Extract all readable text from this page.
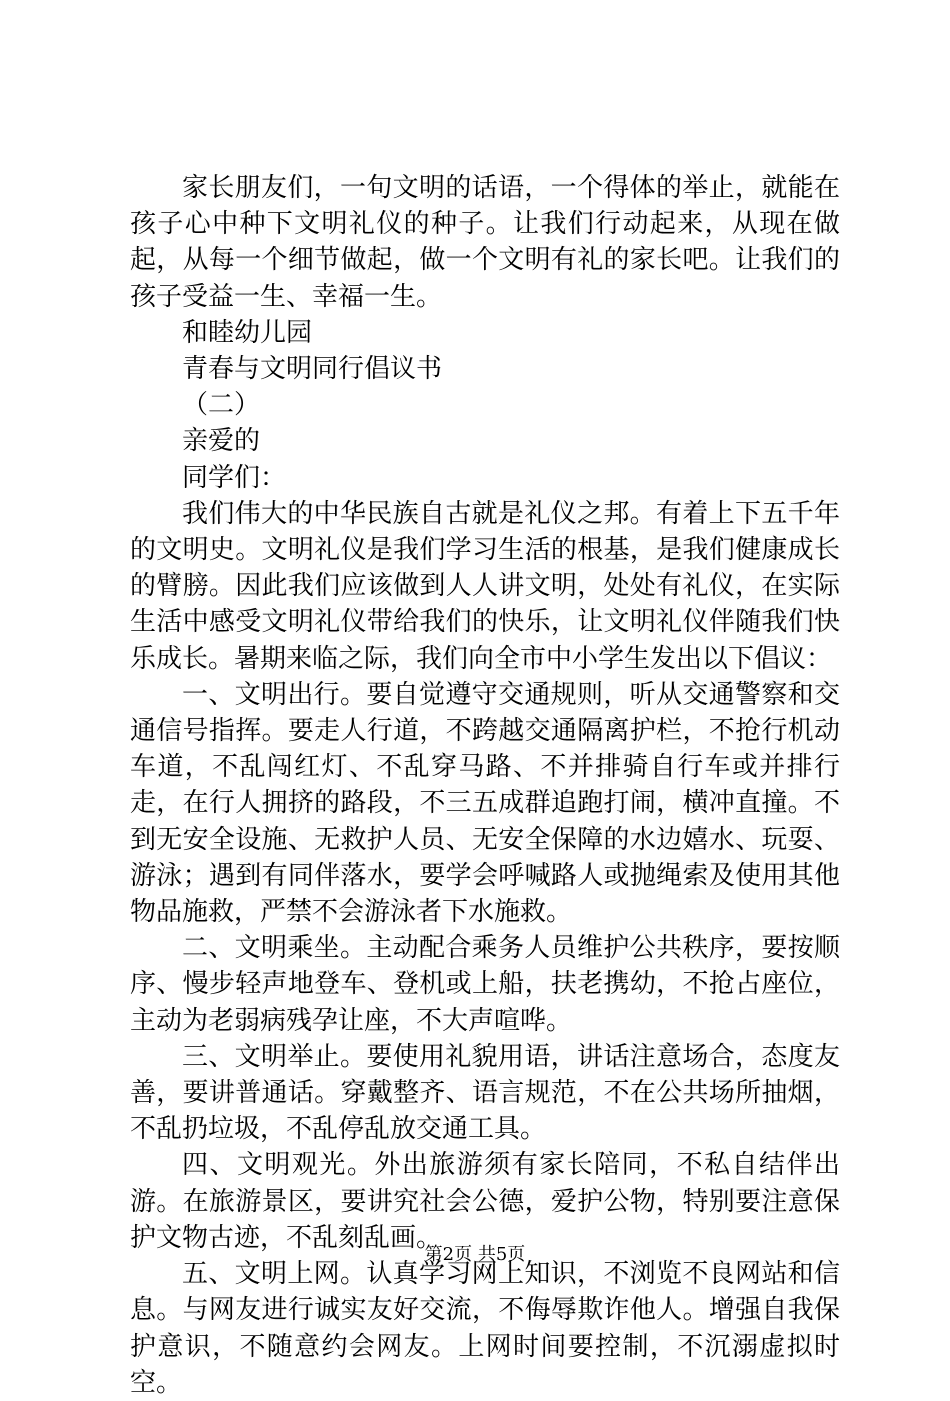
家长朋友们，一句文明的话语，一个得体的举止，就能在孩子心中种下文明礼仪的种子。让我们行动起来，从现在做起，从每一个细节做起，做一个文明有礼的家长吧。让我们的孩子受益一生、幸福一生。

和睦幼儿园

青春与文明同行倡议书

（二）

亲爱的

同学们：

我们伟大的中华民族自古就是礼仪之邦。有着上下五千年的文明史。文明礼仪是我们学习生活的根基，是我们健康成长的臂膀。因此我们应该做到人人讲文明，处处有礼仪，在实际生活中感受文明礼仪带给我们的快乐，让文明礼仪伴随我们快乐成长。暑期来临之际，我们向全市中小学生发出以下倡议：

一、文明出行。要自觉遵守交通规则，听从交通警察和交通信号指挥。要走人行道，不跨越交通隔离护栏，不抢行机动车道，不乱闯红灯、不乱穿马路、不并排骑自行车或并排行走，在行人拥挤的路段，不三五成群追跑打闹，横冲直撞。不到无安全设施、无救护人员、无安全保障的水边嬉水、玩耍、游泳；遇到有同伴落水，要学会呼喊路人或抛绳索及使用其他物品施救，严禁不会游泳者下水施救。

二、文明乘坐。主动配合乘务人员维护公共秩序，要按顺序、慢步轻声地登车、登机或上船，扶老携幼，不抢占座位，主动为老弱病残孕让座，不大声喧哗。

三、文明举止。要使用礼貌用语，讲话注意场合，态度友善，要讲普通话。穿戴整齐、语言规范，不在公共场所抽烟，不乱扔垃圾，不乱停乱放交通工具。

四、文明观光。外出旅游须有家长陪同，不私自结伴出游。在旅游景区，要讲究社会公德，爱护公物，特别要注意保护文物古迹，不乱刻乱画。

五、文明上网。认真学习网上知识，不浏览不良网站和信息。与网友进行诚实友好交流，不侮辱欺诈他人。增强自我保护意识，不随意约会网友。上网时间要控制，不沉溺虚拟时空。

第2页 共5页
